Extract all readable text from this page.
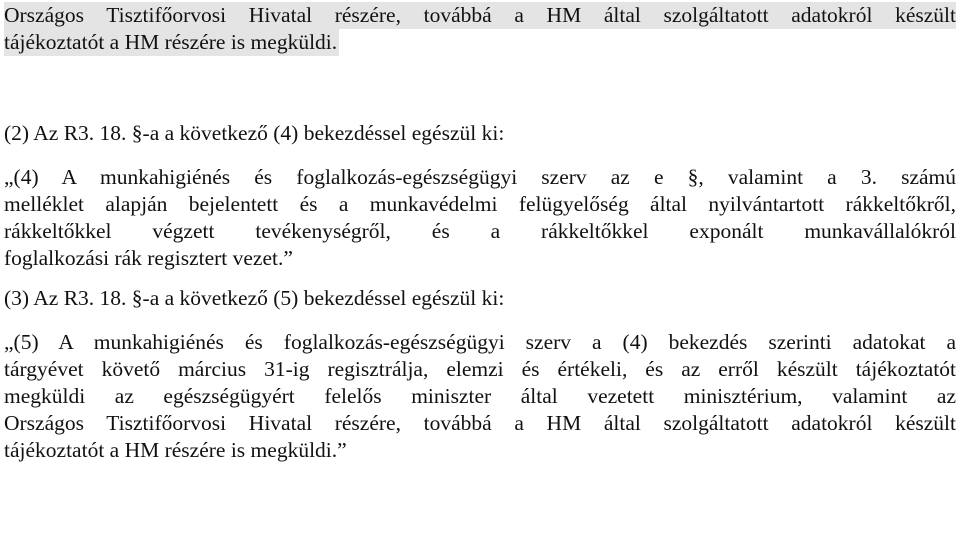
Országos Tisztifőorvosi Hivatal részére, továbbá a HM által szolgáltatott adatokról készült
tájékoztatót a HM részére is megküldi.
(2) Az R3. 18. §-a a következő (4) bekezdéssel egészül ki:
„(4) A munkahigiénés és foglalkozás-egészségügyi szerv az e §, valamint a 3. számú
melléklet alapján bejelentett és a munkavédelmi felügyelőség által nyilvántartott rákkeltőkről,
rákkeltőkkel végzett tevékenységről, és a rákkeltőkkel exponált munkavállalókról
foglalkozási rák regisztert vezet.”
(3) Az R3. 18. §-a a következő (5) bekezdéssel egészül ki:
„(5) A munkahigiénés és foglalkozás-egészségügyi szerv a (4) bekezdés szerinti adatokat a
tárgyévet követő március 31-ig regisztrálja, elemzi és értékeli, és az erről készült tájékoztatót
megküldi az egészségügyért felelős miniszter által vezetett minisztérium, valamint az
Országos Tisztifőorvosi Hivatal részére, továbbá a HM által szolgáltatott adatokról készült
tájékoztatót a HM részére is megküldi.”
